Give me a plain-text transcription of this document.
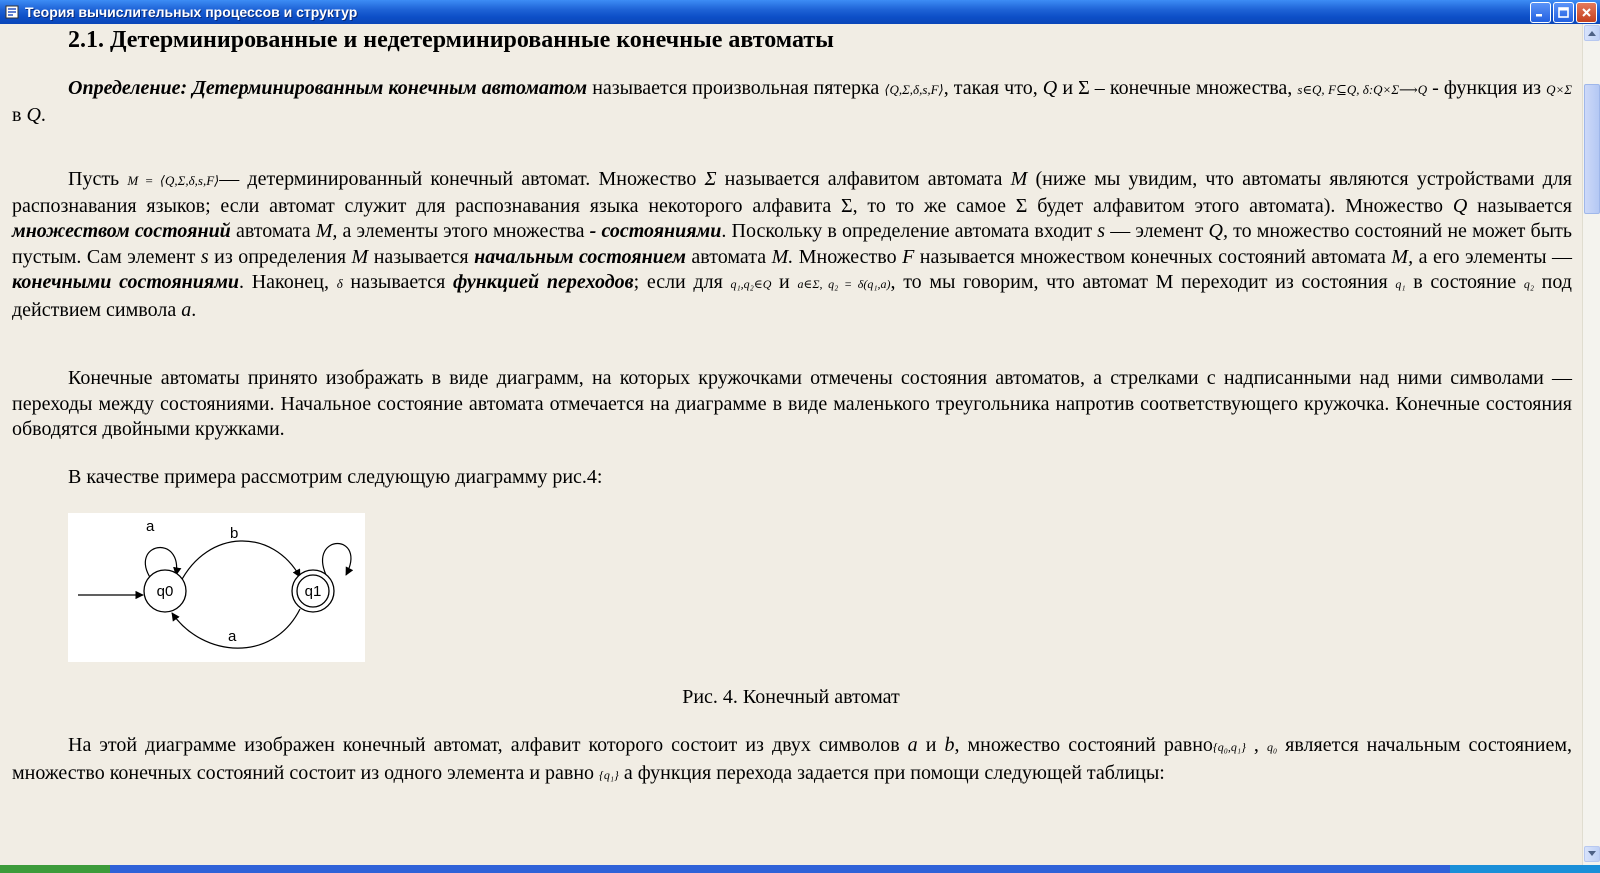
Теория вычислительных процессов и структур
2.1. Детерминированные и недетерминированные конечные автоматы
Определение: Детерминированным конечным автоматом называется произвольная пятерка ⟨Q,Σ,δ,s,F⟩, такая что, Q и Σ – конечные множества, s∈Q, F⊆Q, δ:Q×Σ⟶Q - функция из Q×Σ в Q.
Пусть M = ⟨Q,Σ,δ,s,F⟩— детерминированный конечный автомат. Множество Σ называется алфавитом автомата M (ниже мы увидим, что автоматы являются устройствами для распознавания языков; если автомат служит для распознавания языка некоторого алфавита Σ, то то же самое Σ будет алфавитом этого автомата). Множество Q называется множеством состояний автомата M, а элементы этого множества - состояниями. Поскольку в определение автомата входит s — элемент Q, то множество состояний не может быть пустым. Сам элемент s из определения M называется начальным состоянием автомата M. Множество F называется множеством конечных состояний автомата M, а его элементы — конечными состояниями. Наконец, δ называется функцией переходов; если для q₁,q₂∈Q и a∈Σ, q₂ = δ(q₁,a), то мы говорим, что автомат М переходит из состояния q₁ в состояние q₂ под действием символа a.
Конечные автоматы принято изображать в виде диаграмм, на которых кружочками отмечены состояния автоматов, а стрелками с надписанными над ними символами — переходы между состояниями. Начальное состояние автомата отмечается на диаграмме в виде маленького треугольника напротив соответствующего кружочка. Конечные состояния обводятся двойными кружками.
В качестве примера рассмотрим следующую диаграмму рис.4:
a	b
a
q0	q1
Рис. 4. Конечный автомат
На этой диаграмме изображен конечный автомат, алфавит которого состоит из двух символов a и b, множество состояний равно{q₀,q₁} , q₀ является начальным состоянием, множество конечных состояний состоит из одного элемента и равно {q₁} а функция перехода задается при помощи следующей таблицы:
